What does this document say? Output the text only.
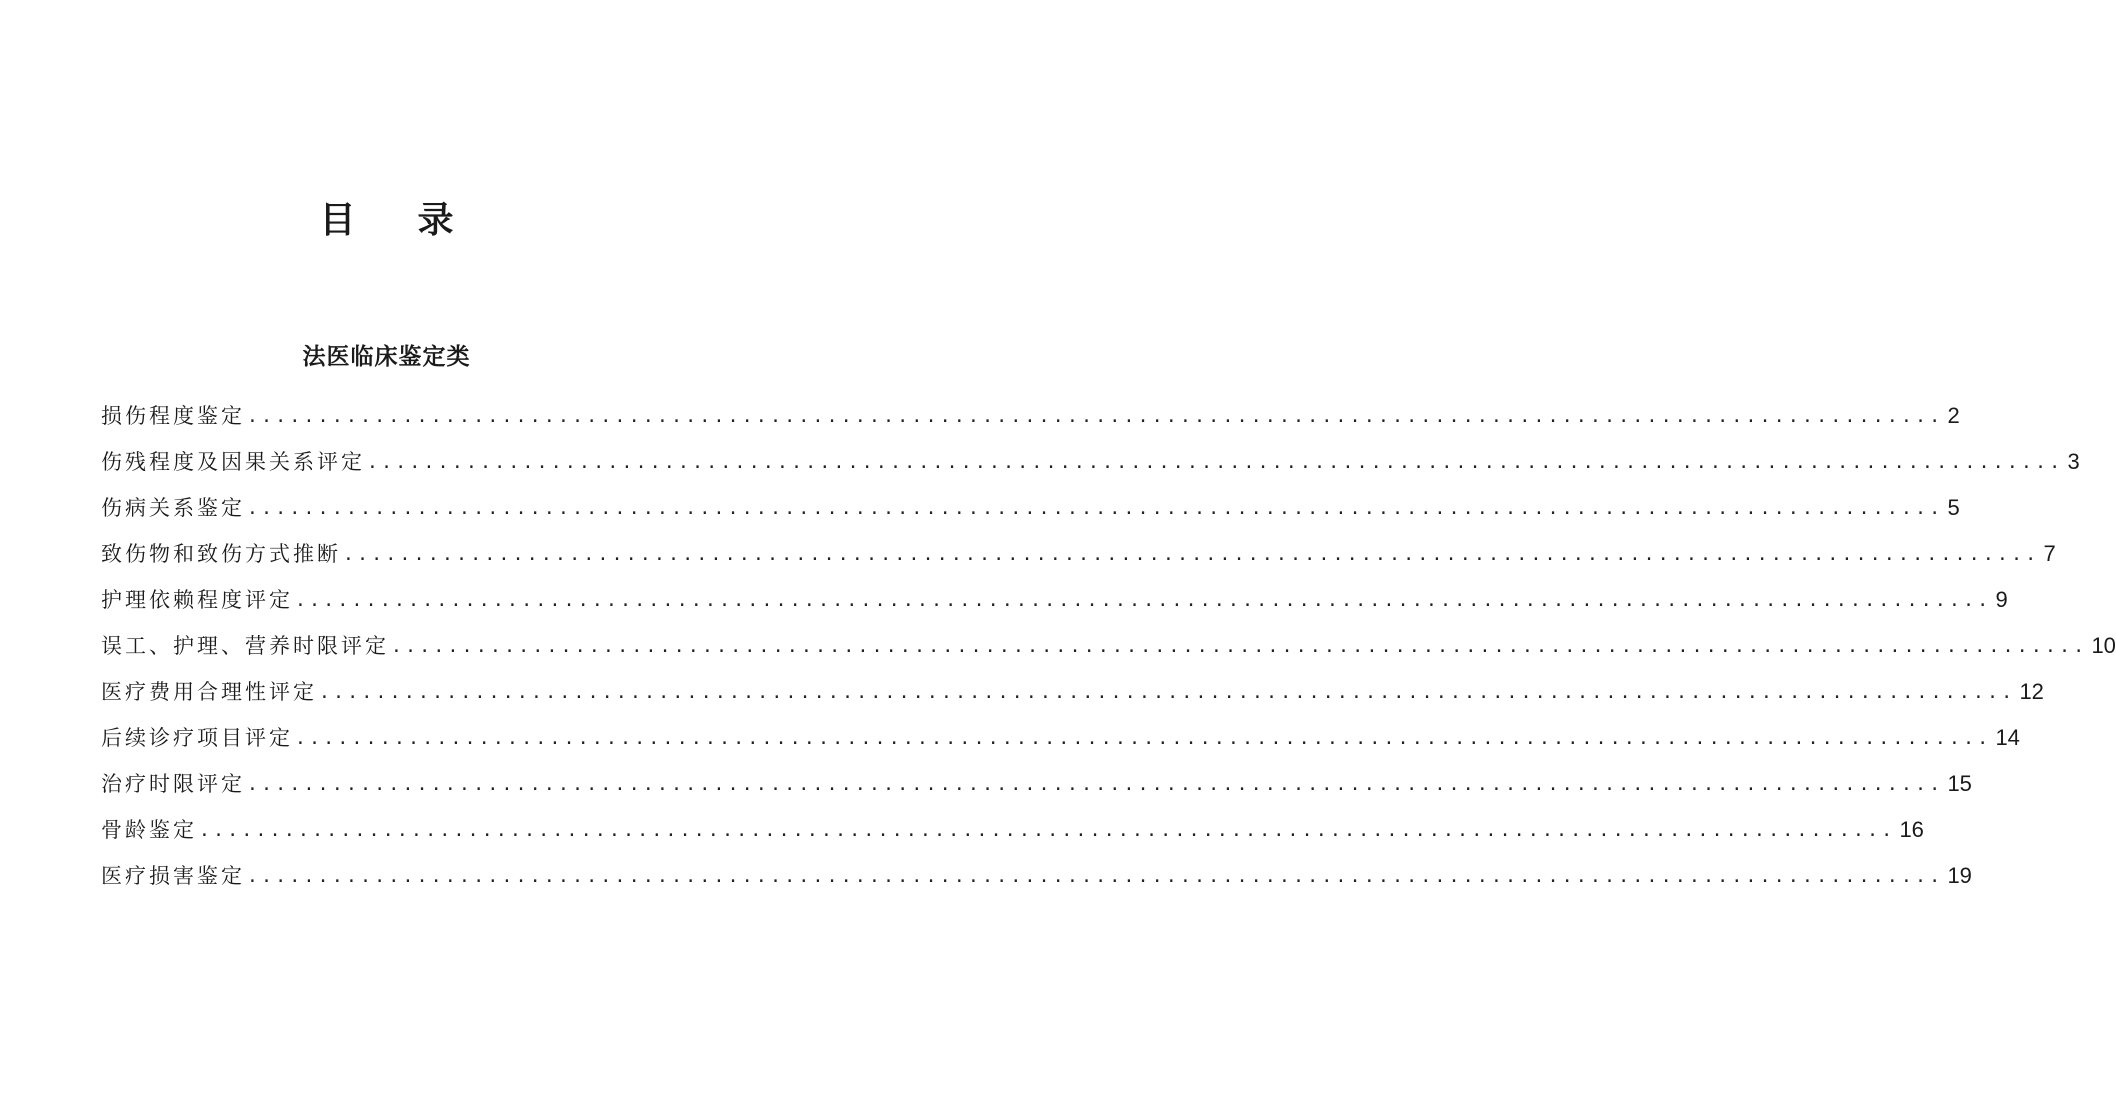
目 录
法医临床鉴定类
损伤程度鉴定 ........................................................................................................................ 2
伤残程度及因果关系评定 ........................................................................................................................ 3
伤病关系鉴定 ........................................................................................................................ 5
致伤物和致伤方式推断 ........................................................................................................................ 7
护理依赖程度评定 ........................................................................................................................ 9
误工、护理、营养时限评定 ........................................................................................................................ 10
医疗费用合理性评定 ........................................................................................................................ 12
后续诊疗项目评定 ........................................................................................................................ 14
治疗时限评定 ........................................................................................................................ 15
骨龄鉴定 ........................................................................................................................ 16
医疗损害鉴定 ........................................................................................................................ 19
